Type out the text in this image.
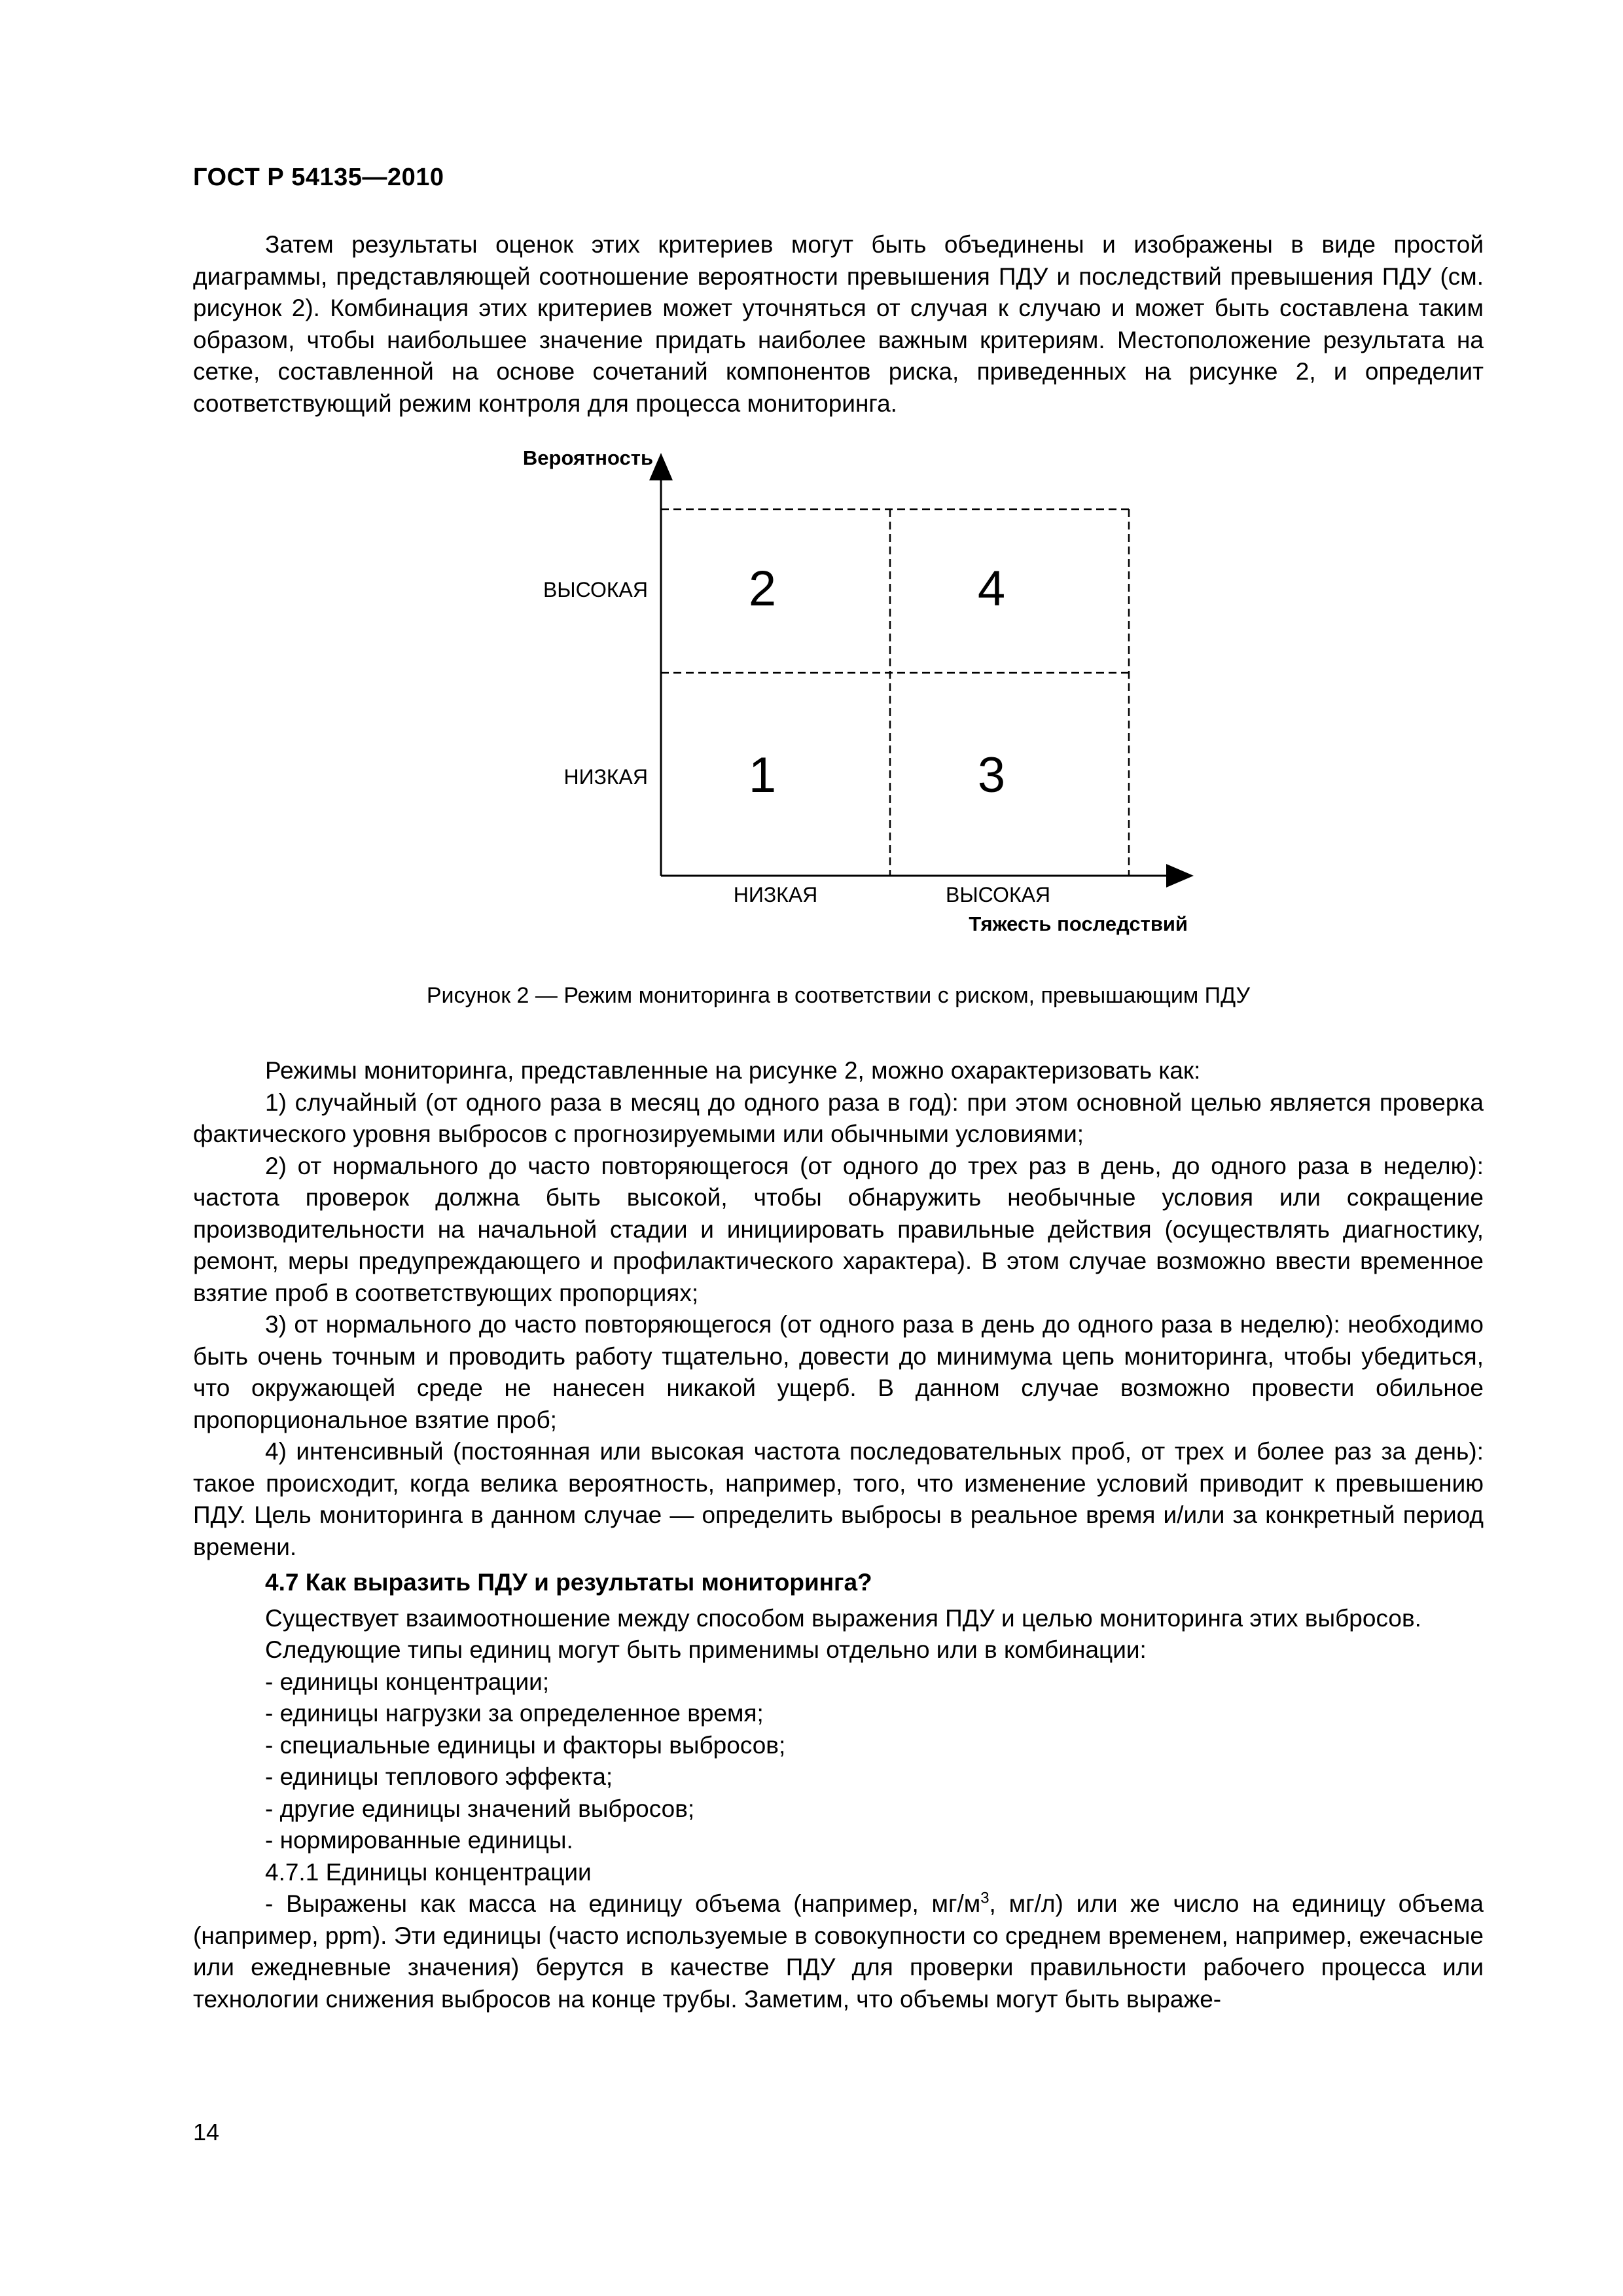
ГОСТ Р 54135—2010

Затем результаты оценок этих критериев могут быть объединены и изображены в виде простой диаграммы, представляющей соотношение вероятности превышения ПДУ и последствий превышения ПДУ (см. рисунок 2). Комбинация этих критериев может уточняться от случая к случаю и может быть составлена таким образом, чтобы наибольшее значение придать наиболее важным критериям. Местоположение результата на сетке, составленной на основе сочетаний компонентов риска, приведенных на рисунке 2, и определит соответствующий режим контроля для процесса мониторинга.

Вероятность
ВЫСОКАЯ
НИЗКАЯ
2	4
1	3
НИЗКАЯ	ВЫСОКАЯ
Тяжесть последствий
Рисунок 2 — Режим мониторинга в соответствии с риском, превышающим ПДУ

Режимы мониторинга, представленные на рисунке 2, можно охарактеризовать как:

1) случайный (от одного раза в месяц до одного раза в год): при этом основной целью является проверка фактического уровня выбросов с прогнозируемыми или обычными условиями;

2) от нормального до часто повторяющегося (от одного до трех раз в день, до одного раза в неделю): частота проверок должна быть высокой, чтобы обнаружить необычные условия или сокращение производительности на начальной стадии и инициировать правильные действия (осуществлять диагностику, ремонт, меры предупреждающего и профилактического характера). В этом случае возможно ввести временное взятие проб в соответствующих пропорциях;

3) от нормального до часто повторяющегося (от одного раза в день до одного раза в неделю): необходимо быть очень точным и проводить работу тщательно, довести до минимума цепь мониторинга, чтобы убедиться, что окружающей среде не нанесен никакой ущерб. В данном случае возможно провести обильное пропорциональное взятие проб;

4) интенсивный (постоянная или высокая частота последовательных проб, от трех и более раз за день): такое происходит, когда велика вероятность, например, того, что изменение условий приводит к превышению ПДУ. Цель мониторинга в данном случае — определить выбросы в реальное время и/или за конкретный период времени.

4.7 Как выразить ПДУ и результаты мониторинга?

Существует взаимоотношение между способом выражения ПДУ и целью мониторинга этих выбросов.

Следующие типы единиц могут быть применимы отдельно или в комбинации:

- единицы концентрации;

- единицы нагрузки за определенное время;

- специальные единицы и факторы выбросов;

- единицы теплового эффекта;

- другие единицы значений выбросов;

- нормированные единицы.

4.7.1 Единицы концентрации

- Выражены как масса на единицу объема (например, $мг/м^3$, мг/л) или же число на единицу объема (например, ppm). Эти единицы (часто используемые в совокупности со среднем временем, например, ежечасные или ежедневные значения) берутся в качестве ПДУ для проверки правильности рабочего процесса или технологии снижения выбросов на конце трубы. Заметим, что объемы могут быть выраже-

14
